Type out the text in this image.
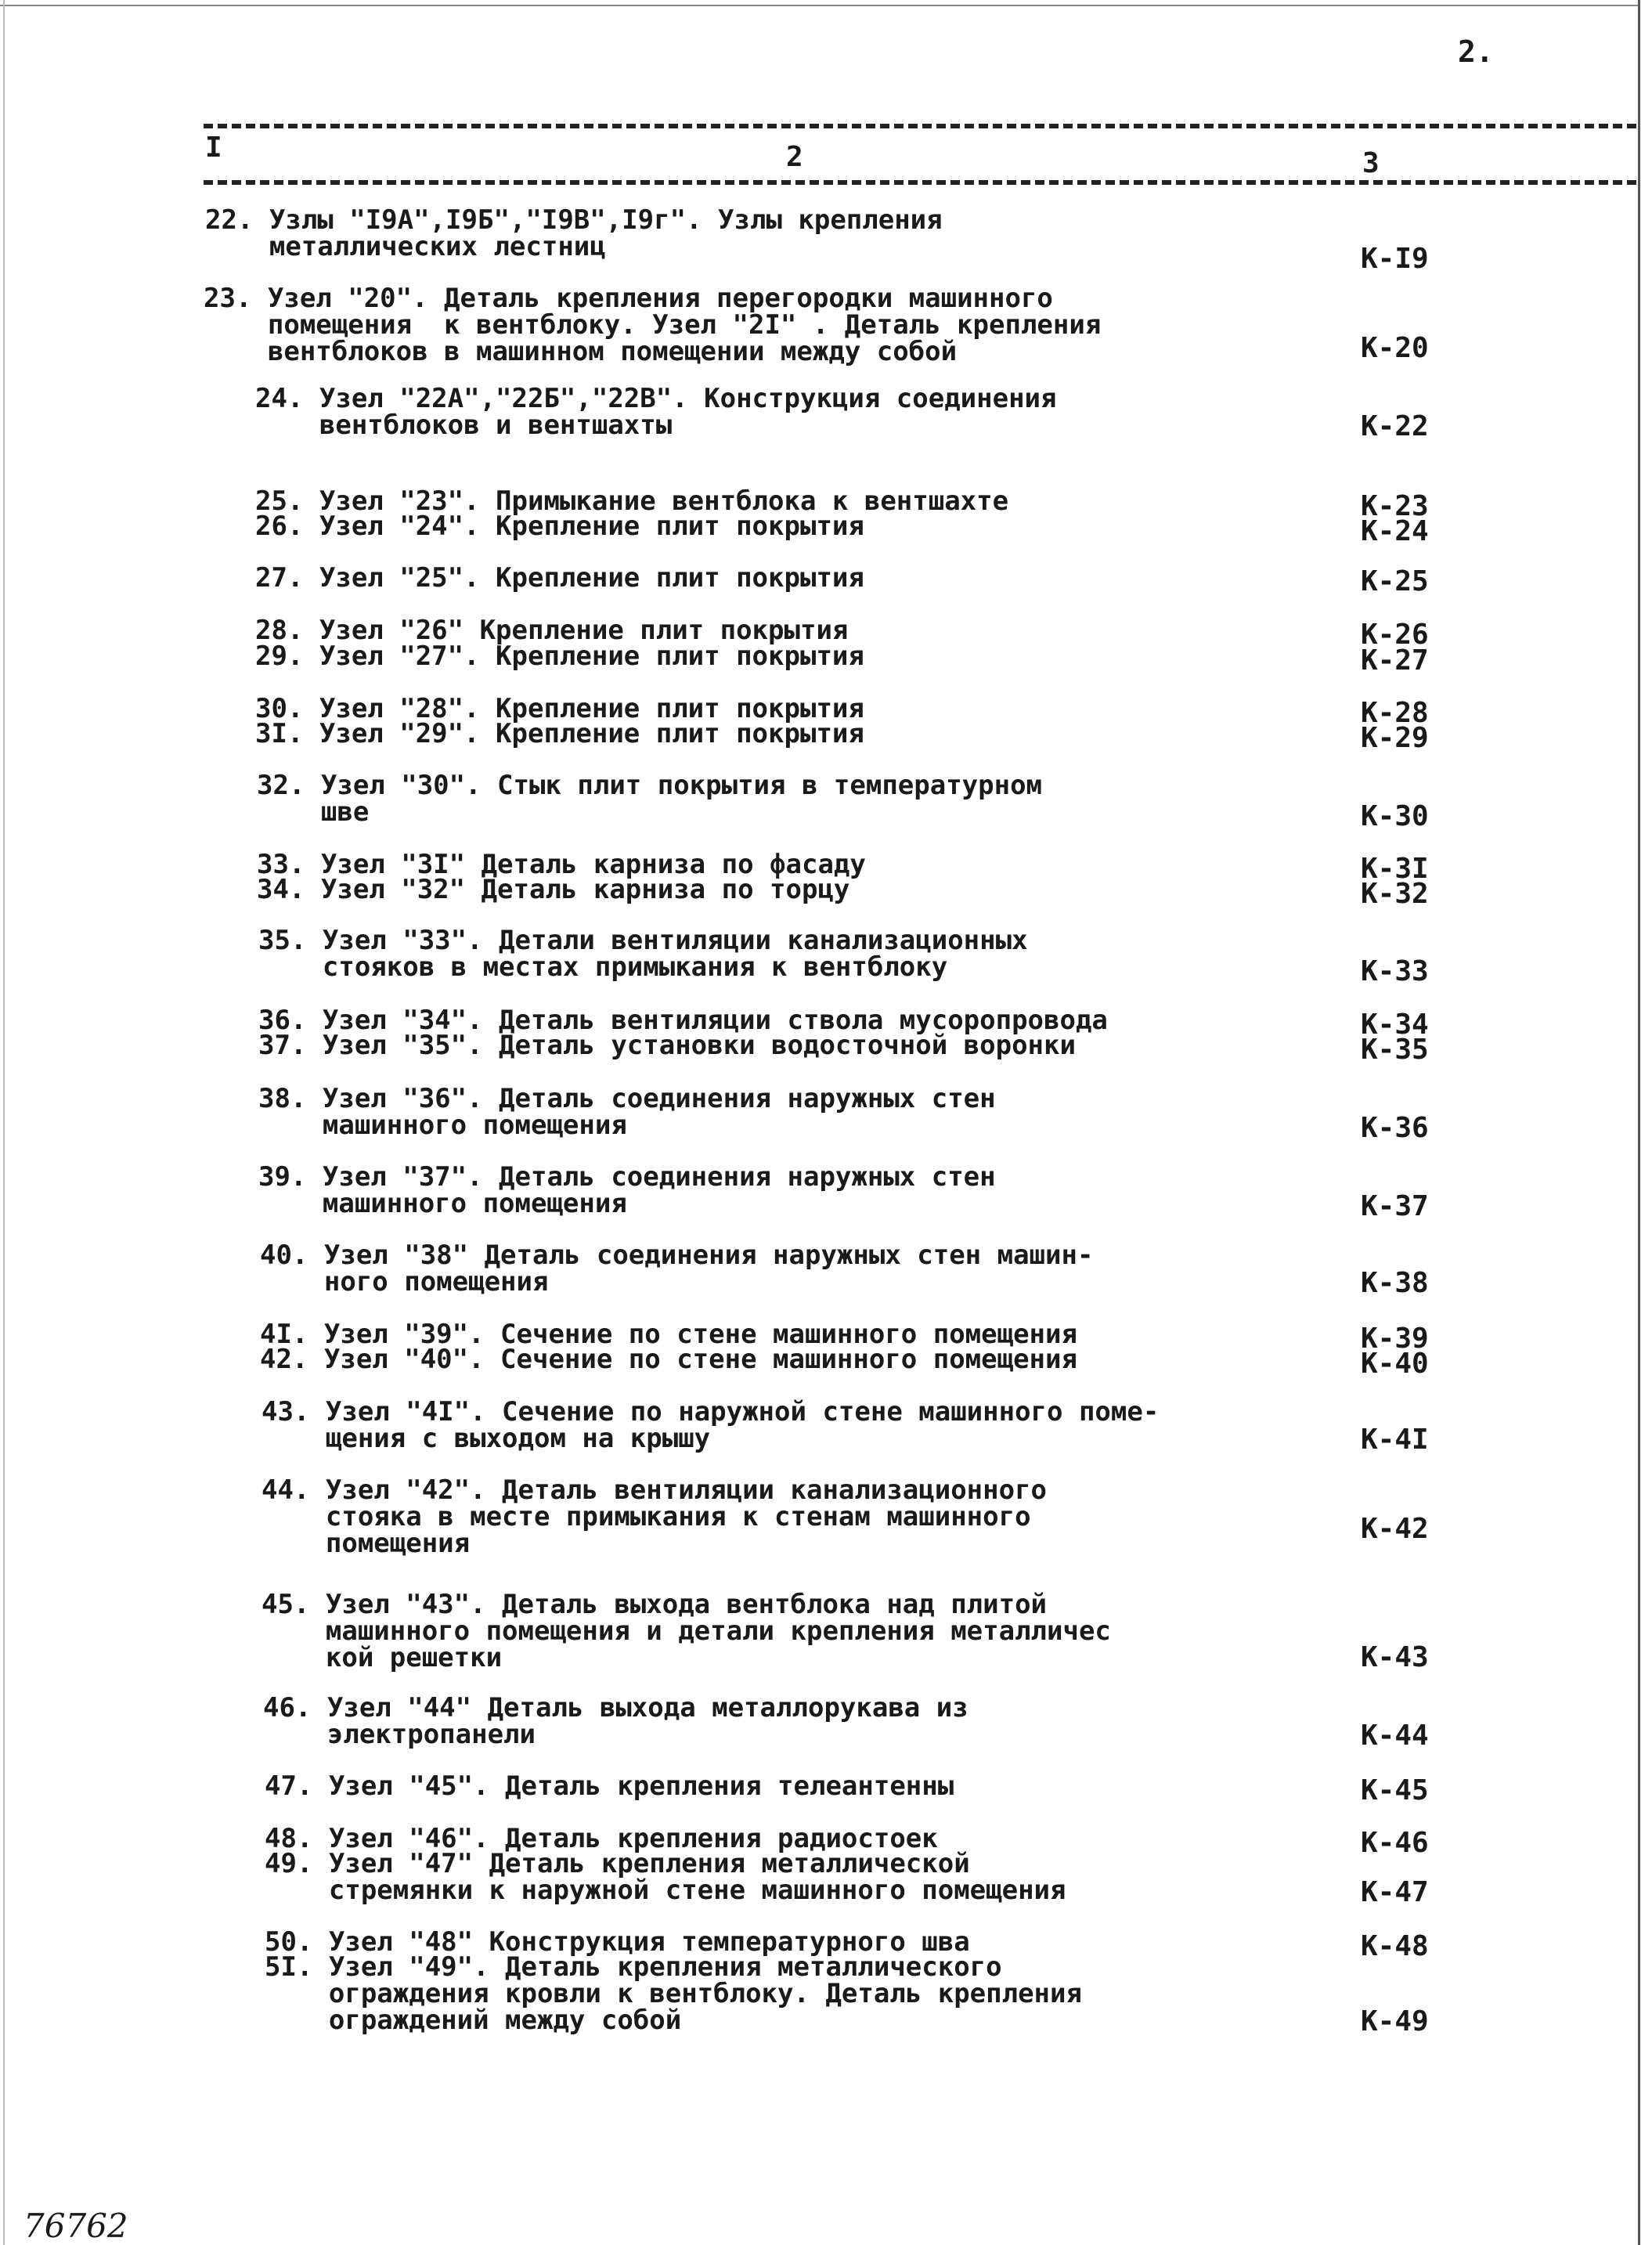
2.
I	2	3
22. Узлы "I9А",I9Б","I9В",I9г". Узлы крепления
металлических лестниц	К-I9
23. Узел "20". Деталь крепления перегородки машинного
помещения  к вентблоку. Узел "2I" . Деталь крепления
вентблоков в машинном помещении между собой	К-20
24. Узел "22А","22Б","22В". Конструкция соединения
вентблоков и вентшахты	К-22
25. Узел "23". Примыкание вентблока к вентшахте	К-23
26. Узел "24". Крепление плит покрытия	К-24
27. Узел "25". Крепление плит покрытия	К-25
28. Узел "26" Крепление плит покрытия	К-26
29. Узел "27". Крепление плит покрытия	К-27
30. Узел "28". Крепление плит покрытия	К-28
3I. Узел "29". Крепление плит покрытия	К-29
32. Узел "30". Стык плит покрытия в температурном
шве	К-30
33. Узел "3I" Деталь карниза по фасаду	К-3I
34. Узел "32" Деталь карниза по торцу	К-32
35. Узел "33". Детали вентиляции канализационных
стояков в местах примыкания к вентблоку	К-33
36. Узел "34". Деталь вентиляции ствола мусоропровода	К-34
37. Узел "35". Деталь установки водосточной воронки	К-35
38. Узел "36". Деталь соединения наружных стен
машинного помещения	К-36
39. Узел "37". Деталь соединения наружных стен
машинного помещения	К-37
40. Узел "38" Деталь соединения наружных стен машин-
ного помещения	К-38
4I. Узел "39". Сечение по стене машинного помещения	К-39
42. Узел "40". Сечение по стене машинного помещения	К-40
43. Узел "4I". Сечение по наружной стене машинного поме-
щения с выходом на крышу	К-4I
44. Узел "42". Деталь вентиляции канализационного
стояка в месте примыкания к стенам машинного
помещения	К-42
45. Узел "43". Деталь выхода вентблока над плитой
машинного помещения и детали крепления металличес
кой решетки	К-43
46. Узел "44" Деталь выхода металлорукава из
электропанели	К-44
47. Узел "45". Деталь крепления телеантенны	К-45
48. Узел "46". Деталь крепления радиостоек	К-46
49. Узел "47" Деталь крепления металлической
стремянки к наружной стене машинного помещения	К-47
50. Узел "48" Конструкция температурного шва	К-48
5I. Узел "49". Деталь крепления металлического
ограждения кровли к вентблоку. Деталь крепления
ограждений между собой	К-49
76762
